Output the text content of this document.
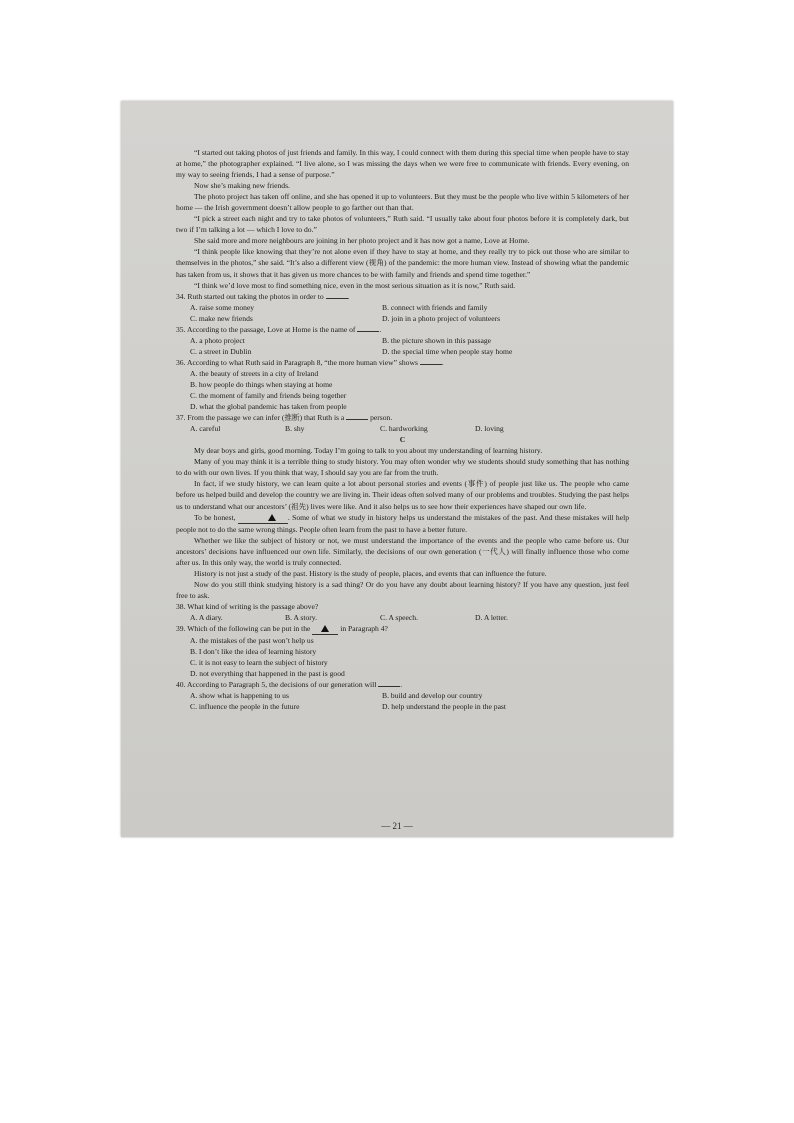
“I started out taking photos of just friends and family. In this way, I could connect with them during this special time when people have to stay at home,” the photographer explained. “I live alone, so I was missing the days when we were free to communicate with friends. Every evening, on my way to seeing friends, I had a sense of purpose.”

Now she’s making new friends.

The photo project has taken off online, and she has opened it up to volunteers. But they must be the people who live within 5 kilometers of her home — the Irish government doesn’t allow people to go farther out than that.

“I pick a street each night and try to take photos of volunteers,” Ruth said. “I usually take about four photos before it is completely dark, but two if I’m talking a lot — which I love to do.”

She said more and more neighbours are joining in her photo project and it has now got a name, Love at Home.

“I think people like knowing that they’re not alone even if they have to stay at home, and they really try to pick out those who are similar to themselves in the photos,” she said. “It’s also a different view (视角) of the pandemic: the more human view. Instead of showing what the pandemic has taken from us, it shows that it has given us more chances to be with family and friends and spend time together.”

“I think we’d love most to find something nice, even in the most serious situation as it is now,” Ruth said.

34. Ruth started out taking the photos in order to	.

A. raise some money	B. connect with friends and family
C. make new friends	D. join in a photo project of volunteers

35. According to the passage, Love at Home is the name of	.

A. a photo project	B. the picture shown in this passage
C. a street in Dublin	D. the special time when people stay home

36. According to what Ruth said in Paragraph 8, “the more human view” shows	.

A. the beauty of streets in a city of Ireland

B. how people do things when staying at home

C. the moment of family and friends being together

D. what the global pandemic has taken from people

37. From the passage we can infer (推断) that Ruth is a	person.

A. careful	B. shy	C. hardworking	D. loving

C

My dear boys and girls, good morning. Today I’m going to talk to you about my understanding of learning history.

Many of you may think it is a terrible thing to study history. You may often wonder why we students should study something that has nothing to do with our own lives. If you think that way, I should say you are far from the truth.

In fact, if we study history, we can learn quite a lot about personal stories and events (事件) of people just like us. The people who came before us helped build and develop the country we are living in. Their ideas often solved many of our problems and troubles. Studying the past helps us to understand what our ancestors’ (祖先) lives were like. And it also helps us to see how their experiences have shaped our own life.

To be honest,	. Some of what we study in history helps us understand the mistakes of the past. And these mistakes will help people not to do the same wrong things. People often learn from the past to have a better future.

Whether we like the subject of history or not, we must understand the importance of the events and the people who came before us. Our ancestors’ decisions have influenced our own life. Similarly, the decisions of our own generation (一代人) will finally influence those who come after us. In this only way, the world is truly connected.

History is not just a study of the past. History is the study of people, places, and events that can influence the future.

Now do you still think studying history is a sad thing? Or do you have any doubt about learning history? If you have any question, just feel free to ask.

38. What kind of writing is the passage above?

A. A diary.	B. A story.	C. A speech.	D. A letter.

39. Which of the following can be put in the	in Paragraph 4?

A. the mistakes of the past won’t help us

B. I don’t like the idea of learning history

C. it is not easy to learn the subject of history

D. not everything that happened in the past is good

40. According to Paragraph 5, the decisions of our generation will	.

A. show what is happening to us	B. build and develop our country
C. influence the people in the future	D. help understand the people in the past
— 21 —
